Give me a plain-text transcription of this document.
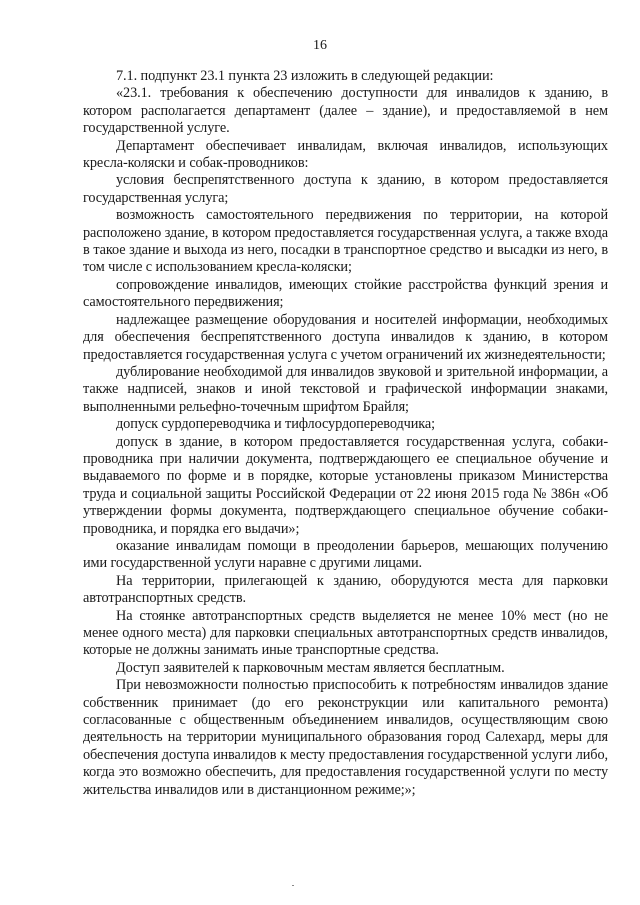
16

7.1. подпункт 23.1 пункта 23 изложить в следующей редакции:

«23.1. требования к обеспечению доступности для инвалидов к зданию, в котором располагается департамент (далее – здание), и предоставляемой в нем государственной услуге.

Департамент обеспечивает инвалидам, включая инвалидов, использующих кресла-коляски и собак-проводников:

условия беспрепятственного доступа к зданию, в котором предоставляется государственная услуга;

возможность самостоятельного передвижения по территории, на которой расположено здание, в котором предоставляется государственная услуга, а также входа в такое здание и выхода из него, посадки в транспортное средство и высадки из него, в том числе с использованием кресла-коляски;

сопровождение инвалидов, имеющих стойкие расстройства функций зрения и самостоятельного передвижения;

надлежащее размещение оборудования и носителей информации, необходимых для обеспечения беспрепятственного доступа инвалидов к зданию, в котором предоставляется государственная услуга с учетом ограничений их жизнедеятельности;

дублирование необходимой для инвалидов звуковой и зрительной информации, а также надписей, знаков и иной текстовой и графической информации знаками, выполненными рельефно-точечным шрифтом Брайля;

допуск сурдопереводчика и тифлосурдопереводчика;

допуск в здание, в котором предоставляется государственная услуга, собаки-проводника при наличии документа, подтверждающего ее специальное обучение и выдаваемого по форме и в порядке, которые установлены приказом Министерства труда и социальной защиты Российской Федерации от 22 июня 2015 года № 386н «Об утверждении формы документа, подтверждающего специальное обучение собаки-проводника, и порядка его выдачи»;

оказание инвалидам помощи в преодолении барьеров, мешающих получению ими государственной услуги наравне с другими лицами.

На территории, прилегающей к зданию, оборудуются места для парковки автотранспортных средств.

На стоянке автотранспортных средств выделяется не менее 10% мест (но не менее одного места) для парковки специальных автотранспортных средств инвалидов, которые не должны занимать иные транспортные средства.

Доступ заявителей к парковочным местам является бесплатным.

При невозможности полностью приспособить к потребностям инвалидов здание собственник принимает (до его реконструкции или капитального ремонта) согласованные с общественным объединением инвалидов, осуществляющим свою деятельность на территории муниципального образования город Салехард, меры для обеспечения доступа инвалидов к месту предоставления государственной услуги либо, когда это возможно обеспечить, для предоставления государственной услуги по месту жительства инвалидов или в дистанционном режиме;»;
